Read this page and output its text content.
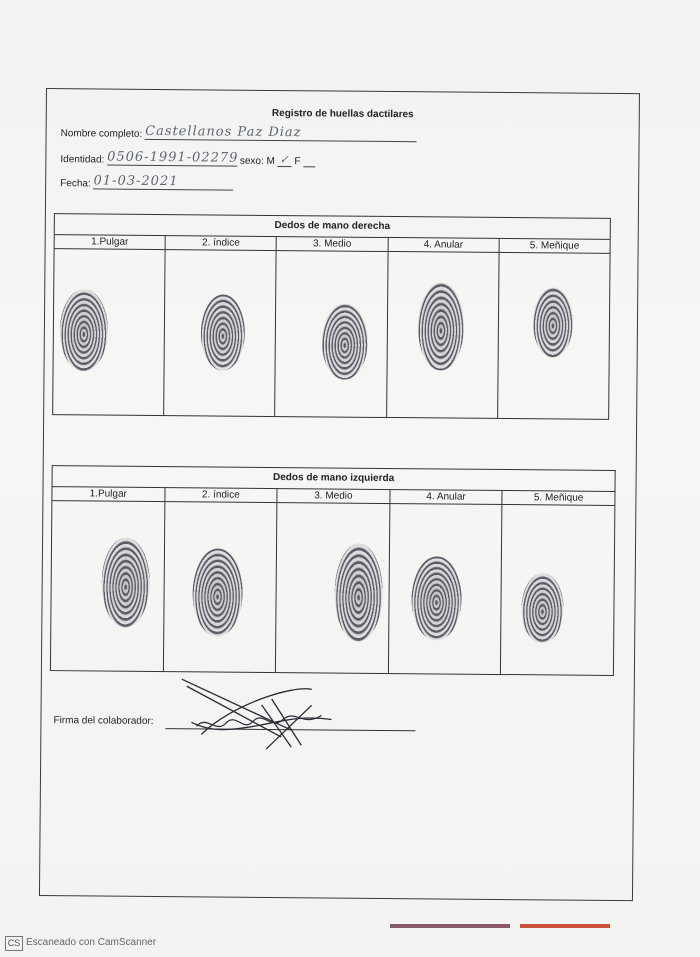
Registro de huellas dactilares
Nombre completo: Castellanos Paz Diaz
Identidad: 0506-1991-02279 sexo: M ✓ F
Fecha: 01-03-2021
Dedos de mano derecha
1.Pulgar	2. índice	3. Medio	4. Anular	5. Meñique
Dedos de mano izquierda
1.Pulgar	2. índice	3. Medio	4. Anular	5. Meñique
Firma del colaborador:
CS Escaneado con CamScanner
